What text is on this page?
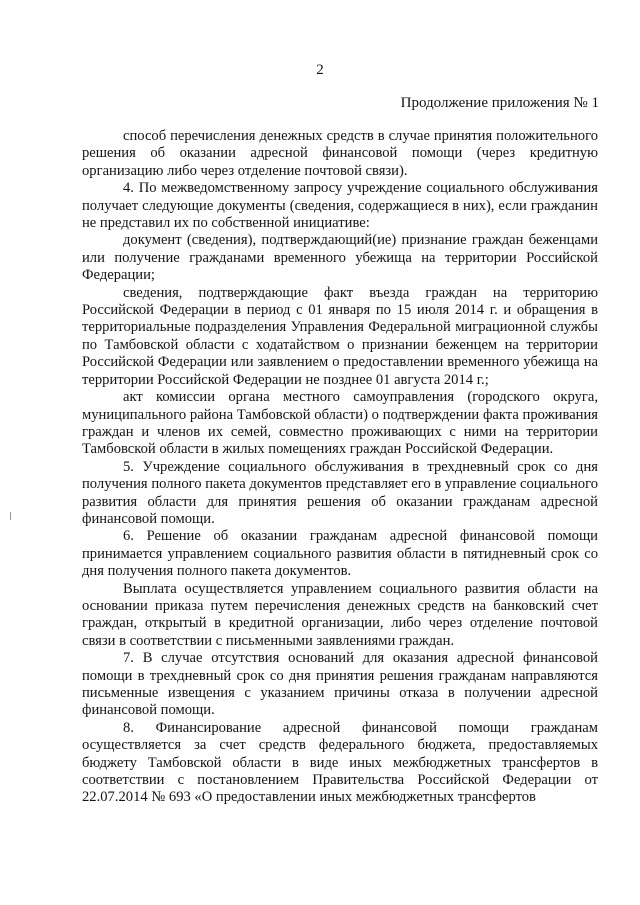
2
Продолжение приложения № 1

способ перечисления денежных средств в случае принятия положительного решения об оказании адресной финансовой помощи (через кредитную организацию либо через отделение почтовой связи).

4. По межведомственному запросу учреждение социального обслуживания получает следующие документы (сведения, содержащиеся в них), если гражданин не представил их по собственной инициативе:

документ (сведения), подтверждающий(ие) признание граждан беженцами или получение гражданами временного убежища на территории Российской Федерации;

сведения, подтверждающие факт въезда граждан на территорию Российской Федерации в период с 01 января по 15 июля 2014 г. и обращения в территориальные подразделения Управления Федеральной миграционной службы по Тамбовской области с ходатайством о признании беженцем на территории Российской Федерации или заявлением о предоставлении временного убежища на территории Российской Федерации не позднее 01 августа 2014 г.;

акт комиссии органа местного самоуправления (городского округа, муниципального района Тамбовской области) о подтверждении факта проживания граждан и членов их семей, совместно проживающих с ними на территории Тамбовской области в жилых помещениях граждан Российской Федерации.

5. Учреждение социального обслуживания в трехдневный срок со дня получения полного пакета документов представляет его в управление социального развития области для принятия решения об оказании гражданам адресной финансовой помощи.

6. Решение об оказании гражданам адресной финансовой помощи принимается управлением социального развития области в пятидневный срок со дня получения полного пакета документов.

Выплата осуществляется управлением социального развития области на основании приказа путем перечисления денежных средств на банковский счет граждан, открытый в кредитной организации, либо через отделение почтовой связи в соответствии с письменными заявлениями граждан.

7. В случае отсутствия оснований для оказания адресной финансовой помощи в трехдневный срок со дня принятия решения гражданам направляются письменные извещения с указанием причины отказа в получении адресной финансовой помощи.

8. Финансирование адресной финансовой помощи гражданам осуществляется за счет средств федерального бюджета, предоставляемых бюджету Тамбовской области в виде иных межбюджетных трансфертов в соответствии с постановлением Правительства Российской Федерации от 22.07.2014 № 693 «О предоставлении иных межбюджетных трансфертов
